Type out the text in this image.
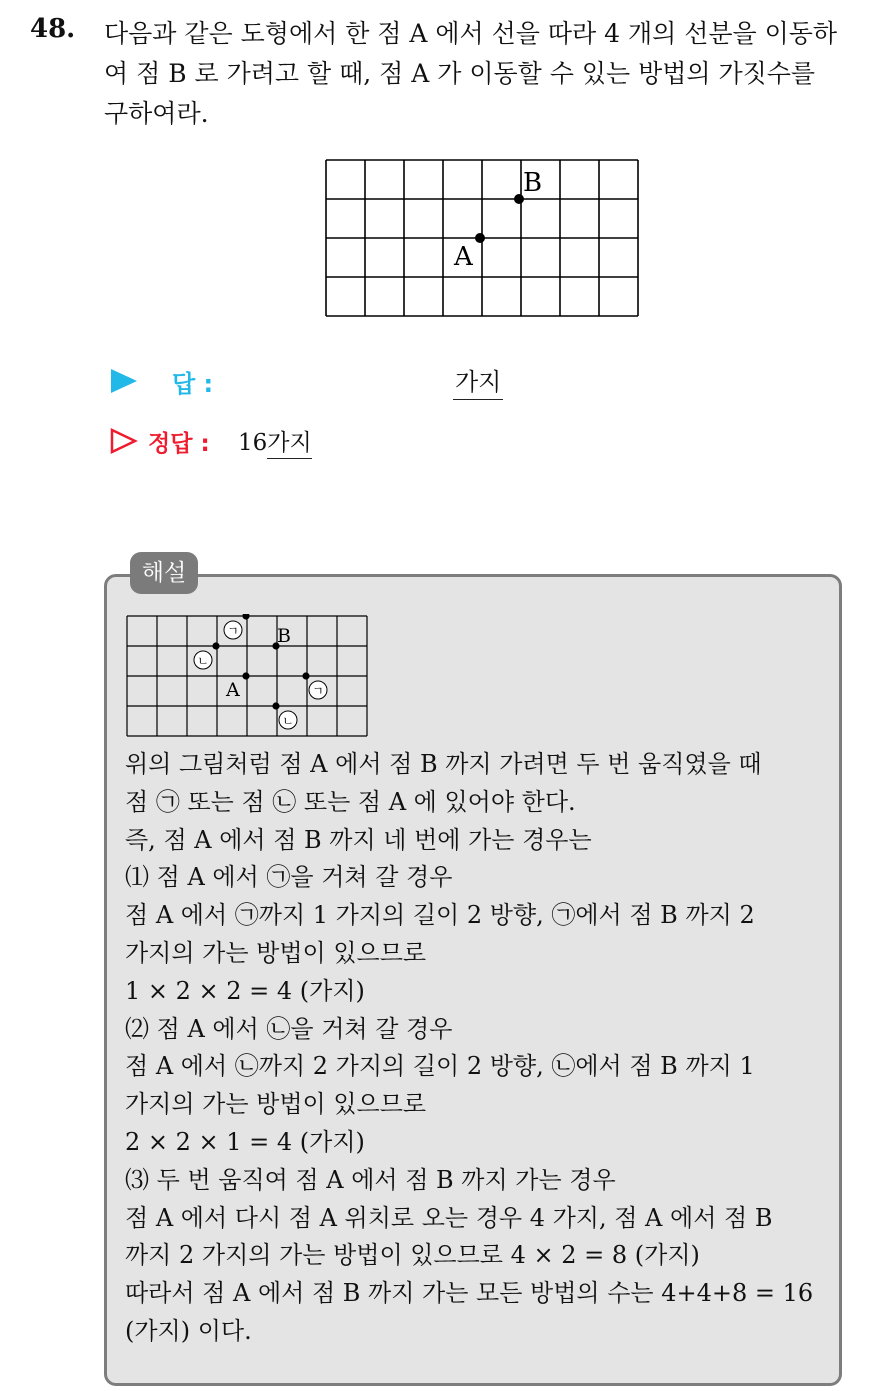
48. 다음과 같은 도형에서 한 점 A 에서 선을 따라 4 개의 선분을 이동하
여 점 B 로 가려고 할 때, 점 A 가 이동할 수 있는 방법의 가짓수를
구하여라.

B
A
답 :	가지
정답 : 16가지
해설
ㄱ
ㄴ
ㄱ
ㄴ
B
A

위의 그림처럼 점 A 에서 점 B 까지 가려면 두 번 움직였을 때
점 ㉠ 또는 점 ㉡ 또는 점 A 에 있어야 한다.
즉, 점 A 에서 점 B 까지 네 번에 가는 경우는
⑴ 점 A 에서 ㉠을 거쳐 갈 경우
점 A 에서 ㉠까지 1 가지의 길이 2 방향, ㉠에서 점 B 까지 2
가지의 가는 방법이 있으므로
1 × 2 × 2 = 4 (가지)
⑵ 점 A 에서 ㉡을 거쳐 갈 경우
점 A 에서 ㉡까지 2 가지의 길이 2 방향, ㉡에서 점 B 까지 1
가지의 가는 방법이 있으므로
2 × 2 × 1 = 4 (가지)
⑶ 두 번 움직여 점 A 에서 점 B 까지 가는 경우
점 A 에서 다시 점 A 위치로 오는 경우 4 가지, 점 A 에서 점 B
까지 2 가지의 가는 방법이 있으므로 4 × 2 = 8 (가지)
따라서 점 A 에서 점 B 까지 가는 모든 방법의 수는 4+4+8 = 16
(가지) 이다.
